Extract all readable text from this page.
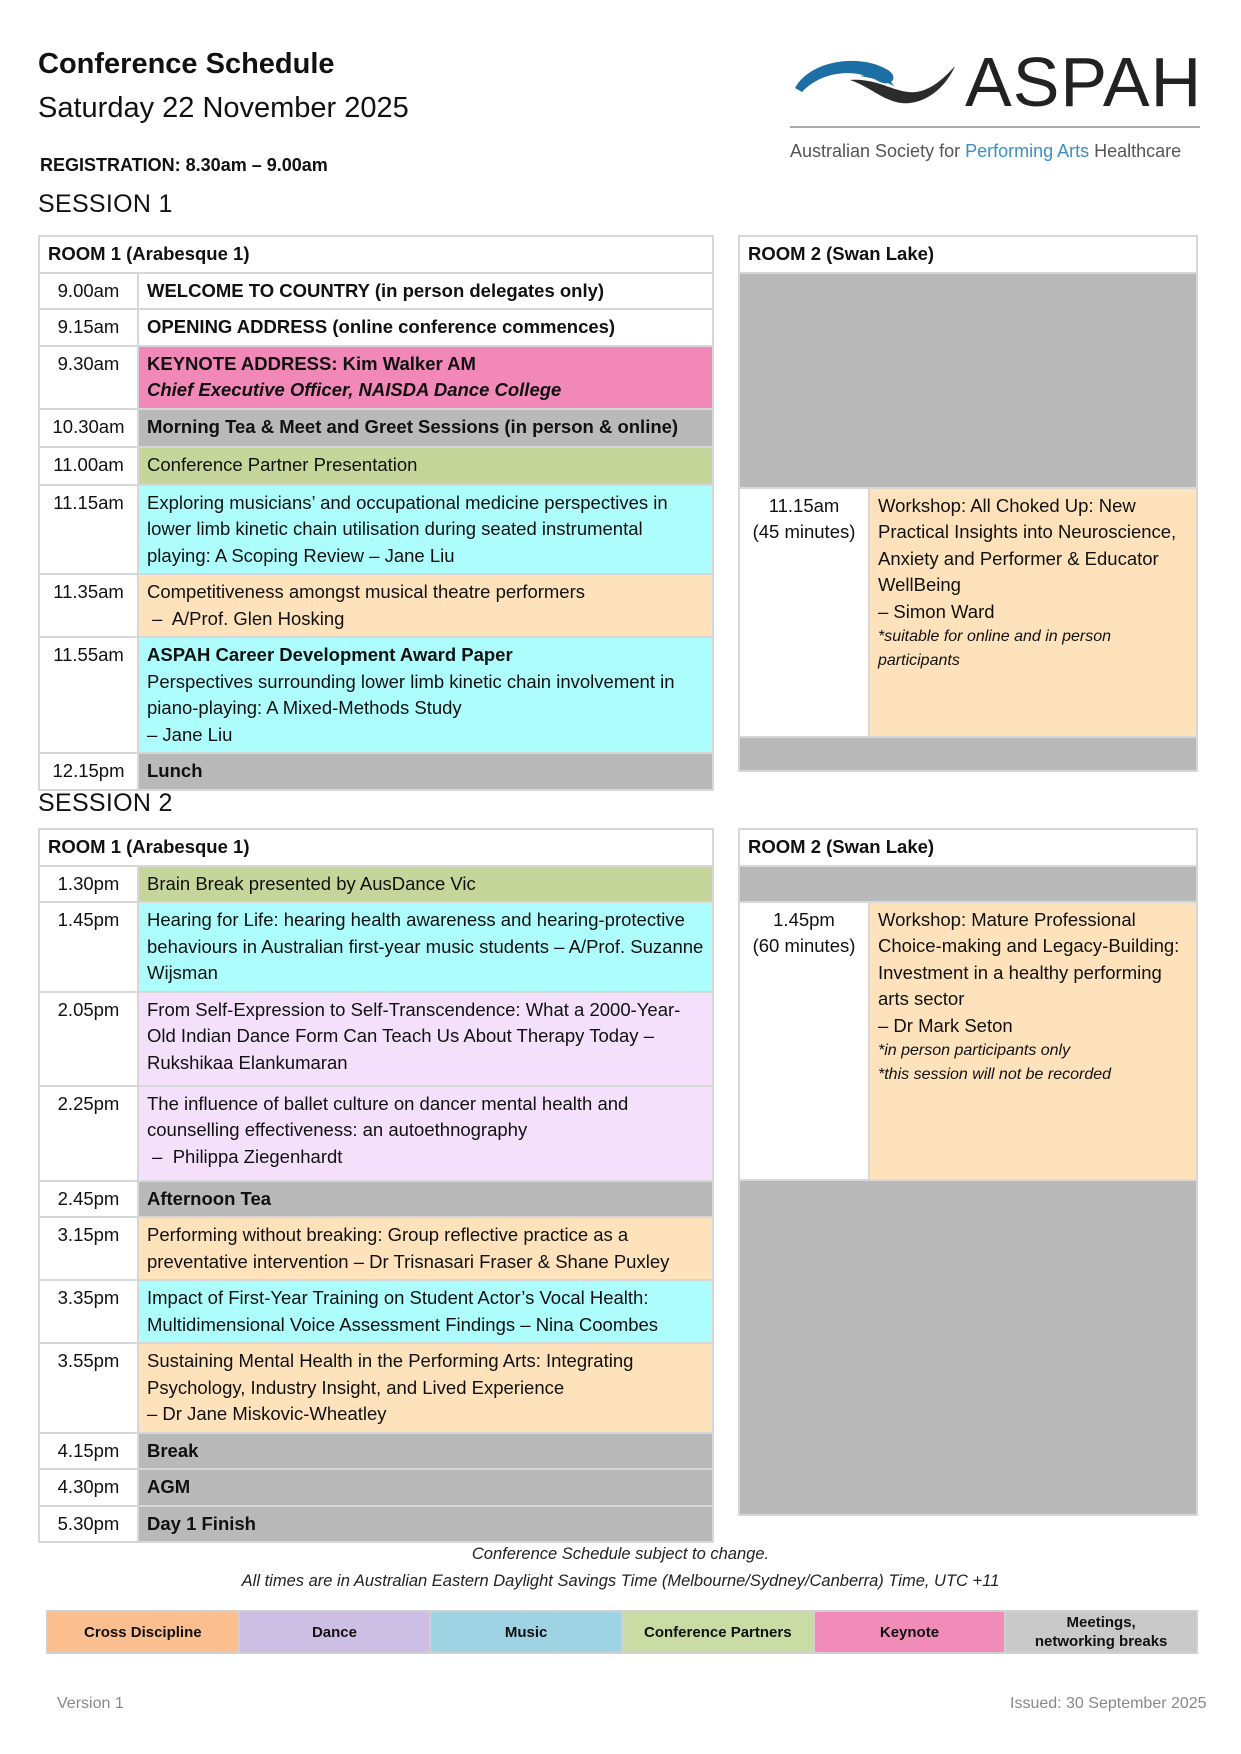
Conference Schedule
Saturday 22 November 2025
REGISTRATION: 8.30am – 9.00am
ASPAH
Australian Society for Performing Arts Healthcare
SESSION 1
ROOM 1 (Arabesque 1)	
9.00am	WELCOME TO COUNTRY (in person delegates only)
9.15am	OPENING ADDRESS (online conference commences)
9.30am	KEYNOTE ADDRESS: Kim Walker AM
Chief Executive Officer, NAISDA Dance College

10.30am	Morning Tea & Meet and Greet Sessions (in person & online)
11.00am	Conference Partner Presentation
11.15am	Exploring musicians’ and occupational medicine perspectives in lower limb kinetic chain utilisation during seated instrumental playing: A Scoping Review – Jane Liu
11.35am	Competitiveness amongst musical theatre performers
–  A/Prof. Glen Hosking

11.55am	ASPAH Career Development Award Paper
Perspectives surrounding lower limb kinetic chain involvement in piano-playing: A Mixed-Methods Study
– Jane Liu

12.15pm	Lunch
ROOM 2 (Swan Lake)

11.15am
(45 minutes)

Workshop: All Choked Up: New Practical Insights into Neuroscience, Anxiety and Performer & Educator WellBeing
– Simon Ward
*suitable for online and in person participants

SESSION 2
ROOM 1 (Arabesque 1)	
1.30pm	Brain Break presented by AusDance Vic
1.45pm	Hearing for Life: hearing health awareness and hearing-protective behaviours in Australian first-year music students – A/Prof. Suzanne Wijsman
2.05pm	From Self-Expression to Self-Transcendence: What a 2000-Year-Old Indian Dance Form Can Teach Us About Therapy Today – Rukshikaa Elankumaran
2.25pm	The influence of ballet culture on dancer mental health and counselling effectiveness: an autoethnography
–  Philippa Ziegenhardt

2.45pm	Afternoon Tea
3.15pm	Performing without breaking: Group reflective practice as a preventative intervention – Dr Trisnasari Fraser & Shane Puxley
3.35pm	Impact of First-Year Training on Student Actor’s Vocal Health: Multidimensional Voice Assessment Findings – Nina Coombes
3.55pm	Sustaining Mental Health in the Performing Arts: Integrating Psychology, Industry Insight, and Lived Experience
– Dr Jane Miskovic-Wheatley

4.15pm	Break
4.30pm	AGM
5.30pm	Day 1 Finish
ROOM 2 (Swan Lake)

1.45pm
(60 minutes)

Workshop: Mature Professional Choice-making and Legacy-Building: Investment in a healthy performing arts sector
– Dr Mark Seton
*in person participants only
*this session will not be recorded

Conference Schedule subject to change.
All times are in Australian Eastern Daylight Savings Time (Melbourne/Sydney/Canberra) Time, UTC +11
Cross Discipline	Dance	Music	Conference Partners	Keynote	
Meetings,
networking breaks
Version 1	Issued: 30 September 2025
